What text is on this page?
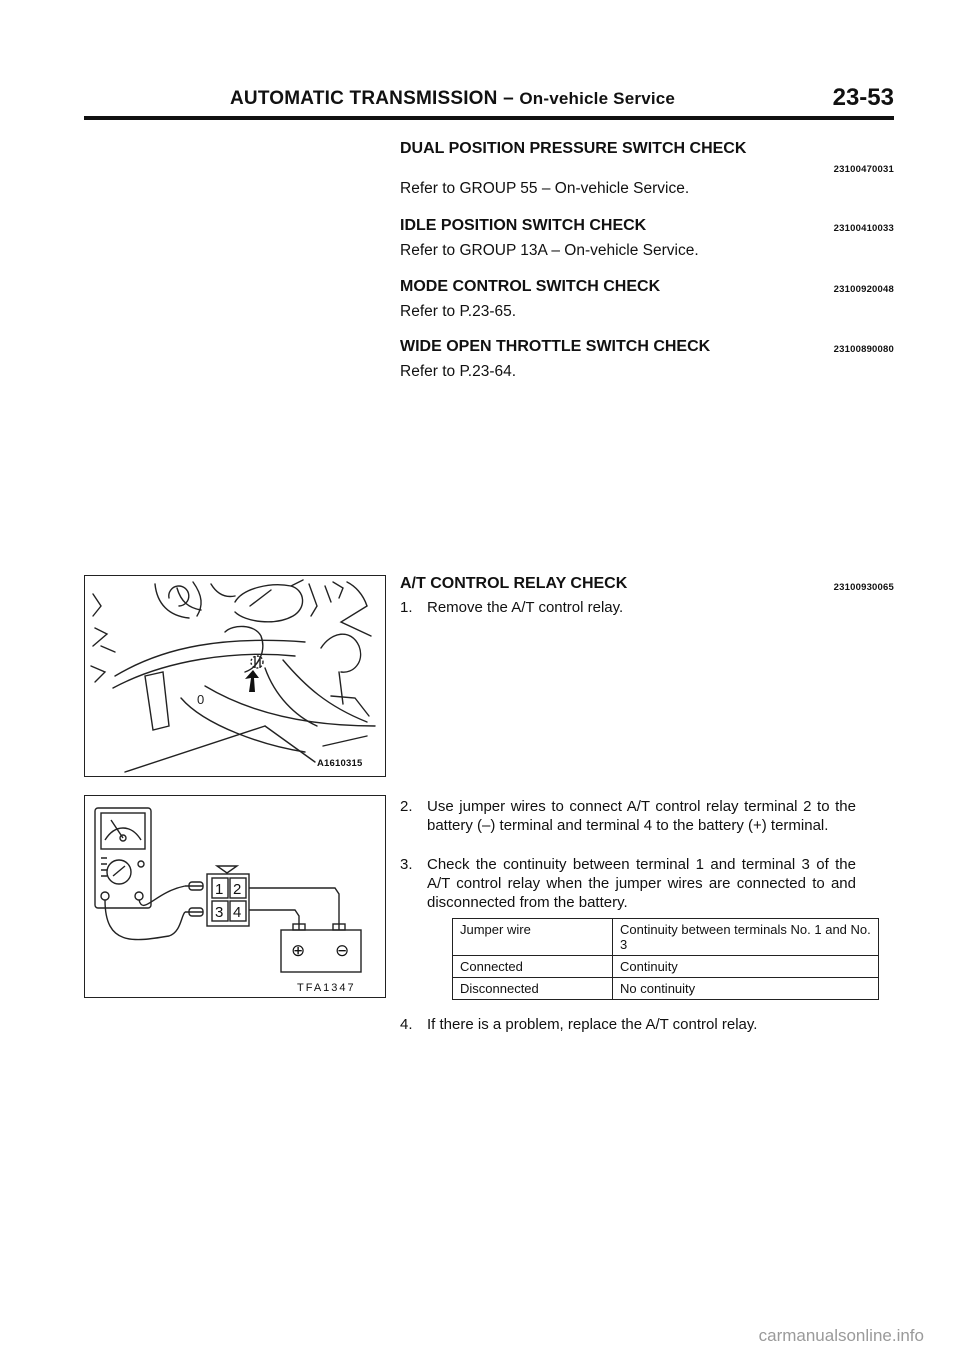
AUTOMATIC TRANSMISSION – On-vehicle Service	23-53
DUAL POSITION PRESSURE SWITCH CHECK
23100470031
Refer to GROUP 55 – On-vehicle Service.
IDLE POSITION SWITCH CHECK	23100410033
Refer to GROUP 13A – On-vehicle Service.
MODE CONTROL SWITCH CHECK	23100920048
Refer to P.23-65.
WIDE OPEN THROTTLE SWITCH CHECK	23100890080
Refer to P.23-64.
0
A1610315
1 2
3 4
⊕ ⊖
TFA1347
A/T CONTROL RELAY CHECK	23100930065
1. Remove the A/T control relay.
2. Use jumper wires to connect A/T control relay terminal 2 to the battery (–) terminal and terminal 4 to the battery (+) terminal.
3. Check the continuity between terminal 1 and terminal 3 of the A/T control relay when the jumper wires are connected to and disconnected from the battery.
Jumper wire	Continuity between terminals No. 1 and No. 3
Connected	Continuity
Disconnected	No continuity
4. If there is a problem, replace the A/T control relay.
carmanualsonline.info
